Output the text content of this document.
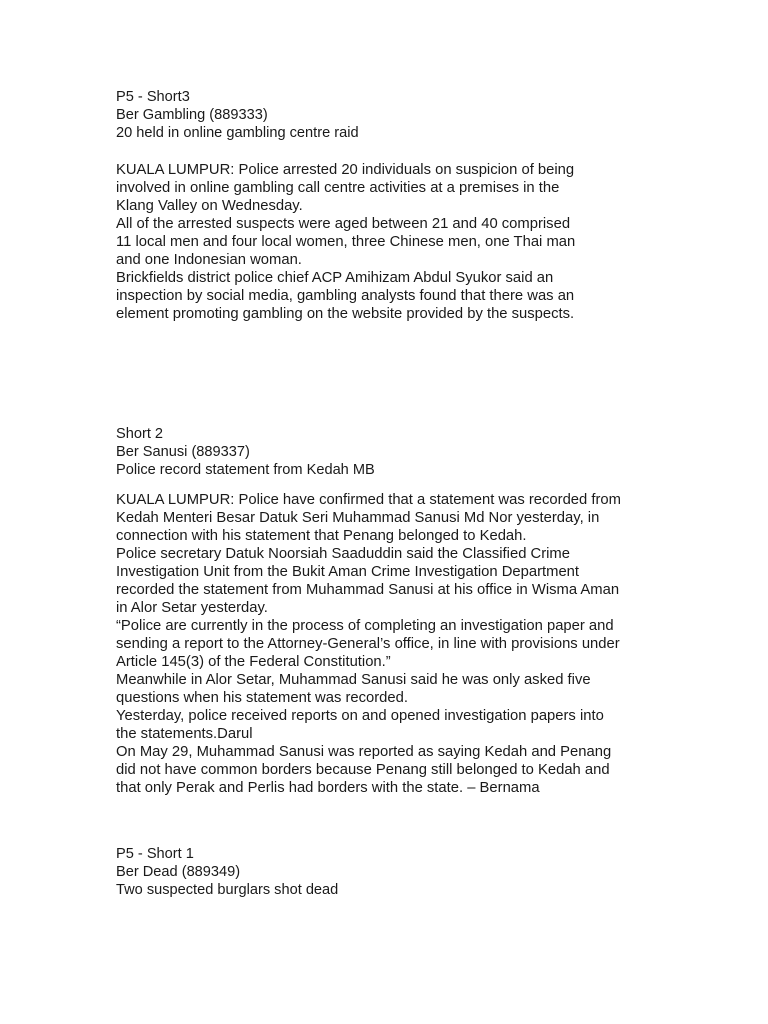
P5 - Short3
Ber Gambling (889333)
20 held in online gambling centre raid
KUALA LUMPUR: Police arrested 20 individuals on suspicion of being
involved in online gambling call centre activities at a premises in the
Klang Valley on Wednesday.
All of the arrested suspects were aged between 21 and 40 comprised
11 local men and four local women, three Chinese men, one Thai man
and one Indonesian woman.
Brickfields district police chief ACP Amihizam Abdul Syukor said an
inspection by social media, gambling analysts found that there was an
element promoting gambling on the website provided by the suspects.
Short 2
Ber Sanusi (889337)
Police record statement from Kedah MB
KUALA LUMPUR: Police have confirmed that a statement was recorded from
Kedah Menteri Besar Datuk Seri Muhammad Sanusi Md Nor yesterday, in
connection with his statement that Penang belonged to Kedah.
Police secretary Datuk Noorsiah Saaduddin said the Classified Crime
Investigation Unit from the Bukit Aman Crime Investigation Department
recorded the statement from Muhammad Sanusi at his office in Wisma Aman
in Alor Setar yesterday.
“Police are currently in the process of completing an investigation paper and
sending a report to the Attorney-General’s office, in line with provisions under
Article 145(3) of the Federal Constitution.”
Meanwhile in Alor Setar, Muhammad Sanusi said he was only asked five
questions when his statement was recorded.
Yesterday, police received reports on and opened investigation papers into
the statements.Darul
On May 29, Muhammad Sanusi was reported as saying Kedah and Penang
did not have common borders because Penang still belonged to Kedah and
that only Perak and Perlis had borders with the state. – Bernama
P5 - Short 1
Ber Dead (889349)
Two suspected burglars shot dead
